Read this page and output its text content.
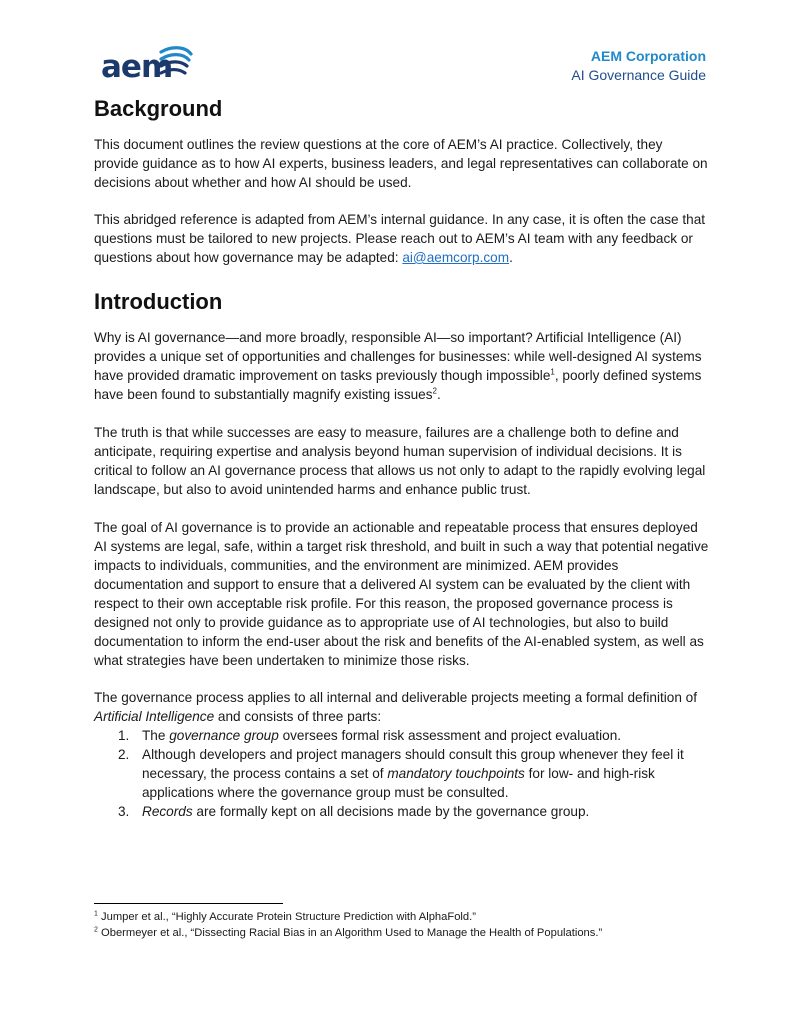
aem	AEM Corporation
AI Governance Guide
Background

This document outlines the review questions at the core of AEM’s AI practice. Collectively, they provide guidance as to how AI experts, business leaders, and legal representatives can collaborate on decisions about whether and how AI should be used.

This abridged reference is adapted from AEM’s internal guidance. In any case, it is often the case that questions must be tailored to new projects. Please reach out to AEM’s AI team with any feedback or questions about how governance may be adapted: ai@aemcorp.com.

Introduction

Why is AI governance—and more broadly, responsible AI—so important? Artificial Intelligence (AI) provides a unique set of opportunities and challenges for businesses: while well-designed AI systems have provided dramatic improvement on tasks previously though impossible$^1$, poorly defined systems have been found to substantially magnify existing issues$^2$.

The truth is that while successes are easy to measure, failures are a challenge both to define and anticipate, requiring expertise and analysis beyond human supervision of individual decisions. It is critical to follow an AI governance process that allows us not only to adapt to the rapidly evolving legal landscape, but also to avoid unintended harms and enhance public trust.

The goal of AI governance is to provide an actionable and repeatable process that ensures deployed AI systems are legal, safe, within a target risk threshold, and built in such a way that potential negative impacts to individuals, communities, and the environment are minimized. AEM provides documentation and support to ensure that a delivered AI system can be evaluated by the client with respect to their own acceptable risk profile. For this reason, the proposed governance process is designed not only to provide guidance as to appropriate use of AI technologies, but also to build documentation to inform the end-user about the risk and benefits of the AI-enabled system, as well as what strategies have been undertaken to minimize those risks.

The governance process applies to all internal and deliverable projects meeting a formal definition of Artificial Intelligence and consists of three parts:

1. The governance group oversees formal risk assessment and project evaluation.
2. Although developers and project managers should consult this group whenever they feel it necessary, the process contains a set of mandatory touchpoints for low- and high-risk applications where the governance group must be consulted.
3. Records are formally kept on all decisions made by the governance group.
$^1$ Jumper et al., “Highly Accurate Protein Structure Prediction with AlphaFold.”
$^2$ Obermeyer et al., “Dissecting Racial Bias in an Algorithm Used to Manage the Health of Populations.”
